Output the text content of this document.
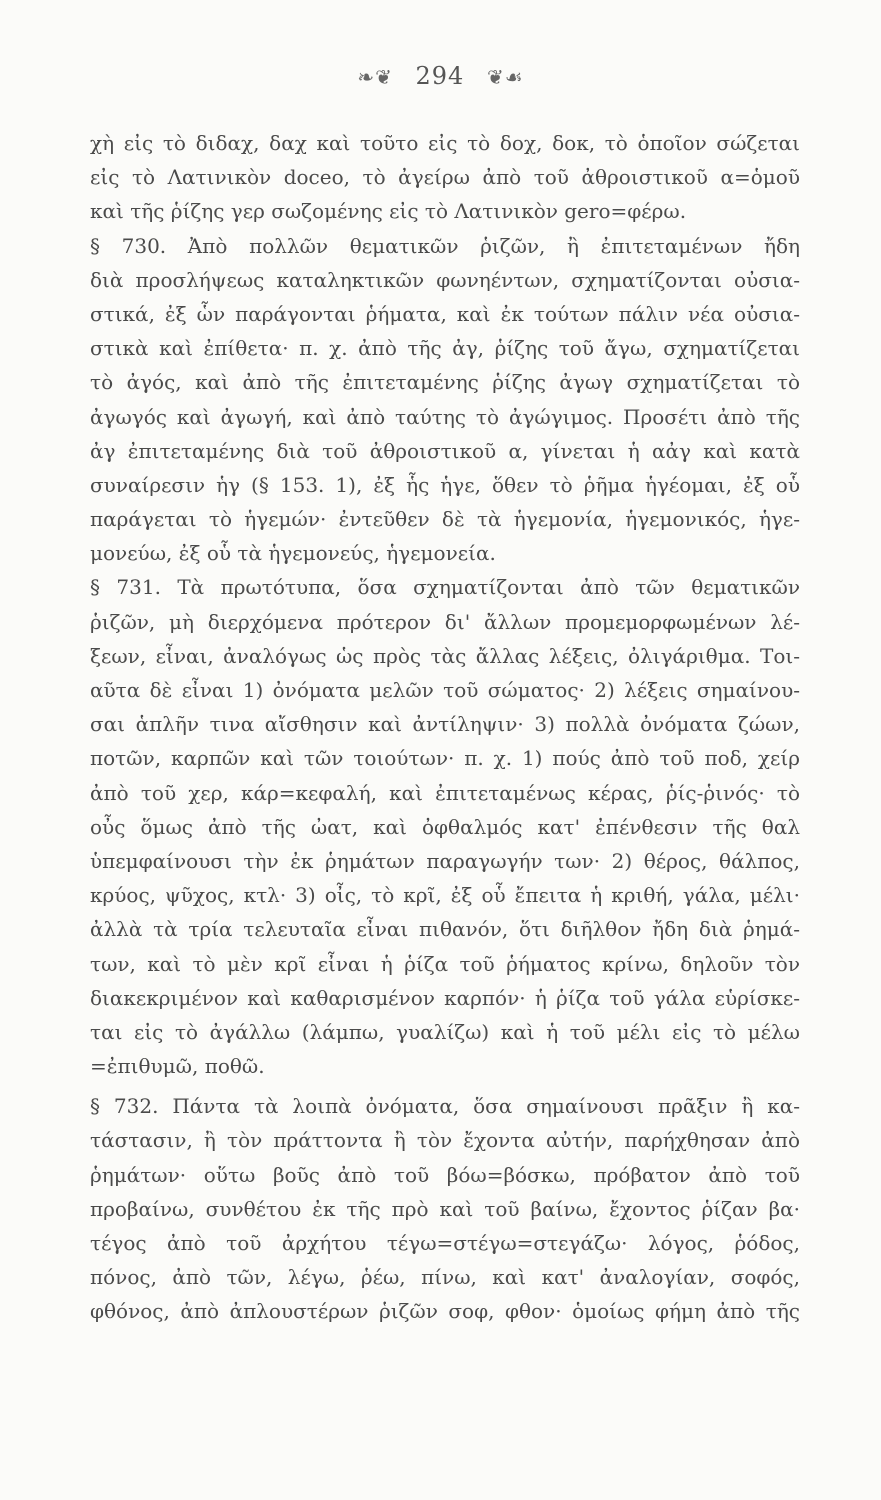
❧❦ 294 ❦☙
χὴ εἰς τὸ διδαχ, δαχ καὶ τοῦτο εἰς τὸ δοχ, δοκ, τὸ ὁποῖον σώζεται
εἰς τὸ Λατινικὸν doceo, τὸ ἀγείρω ἀπὸ τοῦ ἀθροιστικοῦ α=ὁμοῦ
καὶ τῆς ῥίζης γερ σωζομένης εἰς τὸ Λατινικὸν gero=φέρω.
§ 730. Ἀπὸ πολλῶν θεματικῶν ῥιζῶν, ἢ ἐπιτεταμένων ἤδη
διὰ προσλήψεως καταληκτικῶν φωνηέντων, σχηματίζονται οὐσια-
στικά, ἐξ ὧν παράγονται ῥήματα, καὶ ἐκ τούτων πάλιν νέα οὐσια-
στικὰ καὶ ἐπίθετα· π. χ. ἀπὸ τῆς ἀγ, ῥίζης τοῦ ἄγω, σχηματίζεται
τὸ ἀγός, καὶ ἀπὸ τῆς ἐπιτεταμένης ῥίζης ἀγωγ σχηματίζεται τὸ
ἀγωγός καὶ ἀγωγή, καὶ ἀπὸ ταύτης τὸ ἀγώγιμος. Προσέτι ἀπὸ τῆς
ἀγ ἐπιτεταμένης διὰ τοῦ ἀθροιστικοῦ α, γίνεται ἡ αἀγ καὶ κατὰ
συναίρεσιν ἡγ (§ 153. 1), ἐξ ἧς ἡγε, ὅθεν τὸ ῥῆμα ἡγέομαι, ἐξ οὗ
παράγεται τὸ ἡγεμών· ἐντεῦθεν δὲ τὰ ἡγεμονία, ἡγεμονικός, ἡγε-
μονεύω, ἐξ οὗ τὰ ἡγεμονεύς, ἡγεμονεία.
§ 731. Τὰ πρωτότυπα, ὅσα σχηματίζονται ἀπὸ τῶν θεματικῶν
ῥιζῶν, μὴ διερχόμενα πρότερον δι' ἄλλων προμεμορφωμένων λέ-
ξεων, εἶναι, ἀναλόγως ὡς πρὸς τὰς ἄλλας λέξεις, ὀλιγάριθμα. Τοι-
αῦτα δὲ εἶναι 1) ὀνόματα μελῶν τοῦ σώματος· 2) λέξεις σημαίνου-
σαι ἁπλῆν τινα αἴσθησιν καὶ ἀντίληψιν· 3) πολλὰ ὀνόματα ζώων,
ποτῶν, καρπῶν καὶ τῶν τοιούτων· π. χ. 1) πούς ἀπὸ τοῦ ποδ, χείρ
ἀπὸ τοῦ χερ, κάρ=κεφαλή, καὶ ἐπιτεταμένως κέρας, ῥίς-ῥινός· τὸ
οὖς ὅμως ἀπὸ τῆς ὠατ, καὶ ὀφθαλμός κατ' ἐπένθεσιν τῆς θαλ
ὑπεμφαίνουσι τὴν ἐκ ῥημάτων παραγωγήν των· 2) θέρος, θάλπος,
κρύος, ψῦχος, κτλ· 3) οἶς, τὸ κρῖ, ἐξ οὗ ἔπειτα ἡ κριθή, γάλα, μέλι·
ἀλλὰ τὰ τρία τελευταῖα εἶναι πιθανόν, ὅτι διῆλθον ἤδη διὰ ῥημά-
των, καὶ τὸ μὲν κρῖ εἶναι ἡ ῥίζα τοῦ ῥήματος κρίνω, δηλοῦν τὸν
διακεκριμένον καὶ καθαρισμένον καρπόν· ἡ ῥίζα τοῦ γάλα εὑρίσκε-
ται εἰς τὸ ἀγάλλω (λάμπω, γυαλίζω) καὶ ἡ τοῦ μέλι εἰς τὸ μέλω
=ἐπιθυμῶ, ποθῶ.
§ 732. Πάντα τὰ λοιπὰ ὀνόματα, ὅσα σημαίνουσι πρᾶξιν ἢ κα-
τάστασιν, ἢ τὸν πράττοντα ἢ τὸν ἔχοντα αὐτήν, παρήχθησαν ἀπὸ
ῥημάτων· οὕτω βοῦς ἀπὸ τοῦ βόω=βόσκω, πρόβατον ἀπὸ τοῦ
προβαίνω, συνθέτου ἐκ τῆς πρὸ καὶ τοῦ βαίνω, ἔχοντος ῥίζαν βα·
τέγος ἀπὸ τοῦ ἀρχήτου τέγω=στέγω=στεγάζω· λόγος, ῥόδος,
πόνος, ἀπὸ τῶν, λέγω, ῥέω, πίνω, καὶ κατ' ἀναλογίαν, σοφός,
φθόνος, ἀπὸ ἀπλουστέρων ῥιζῶν σοφ, φθον· ὁμοίως φήμη ἀπὸ τῆς
